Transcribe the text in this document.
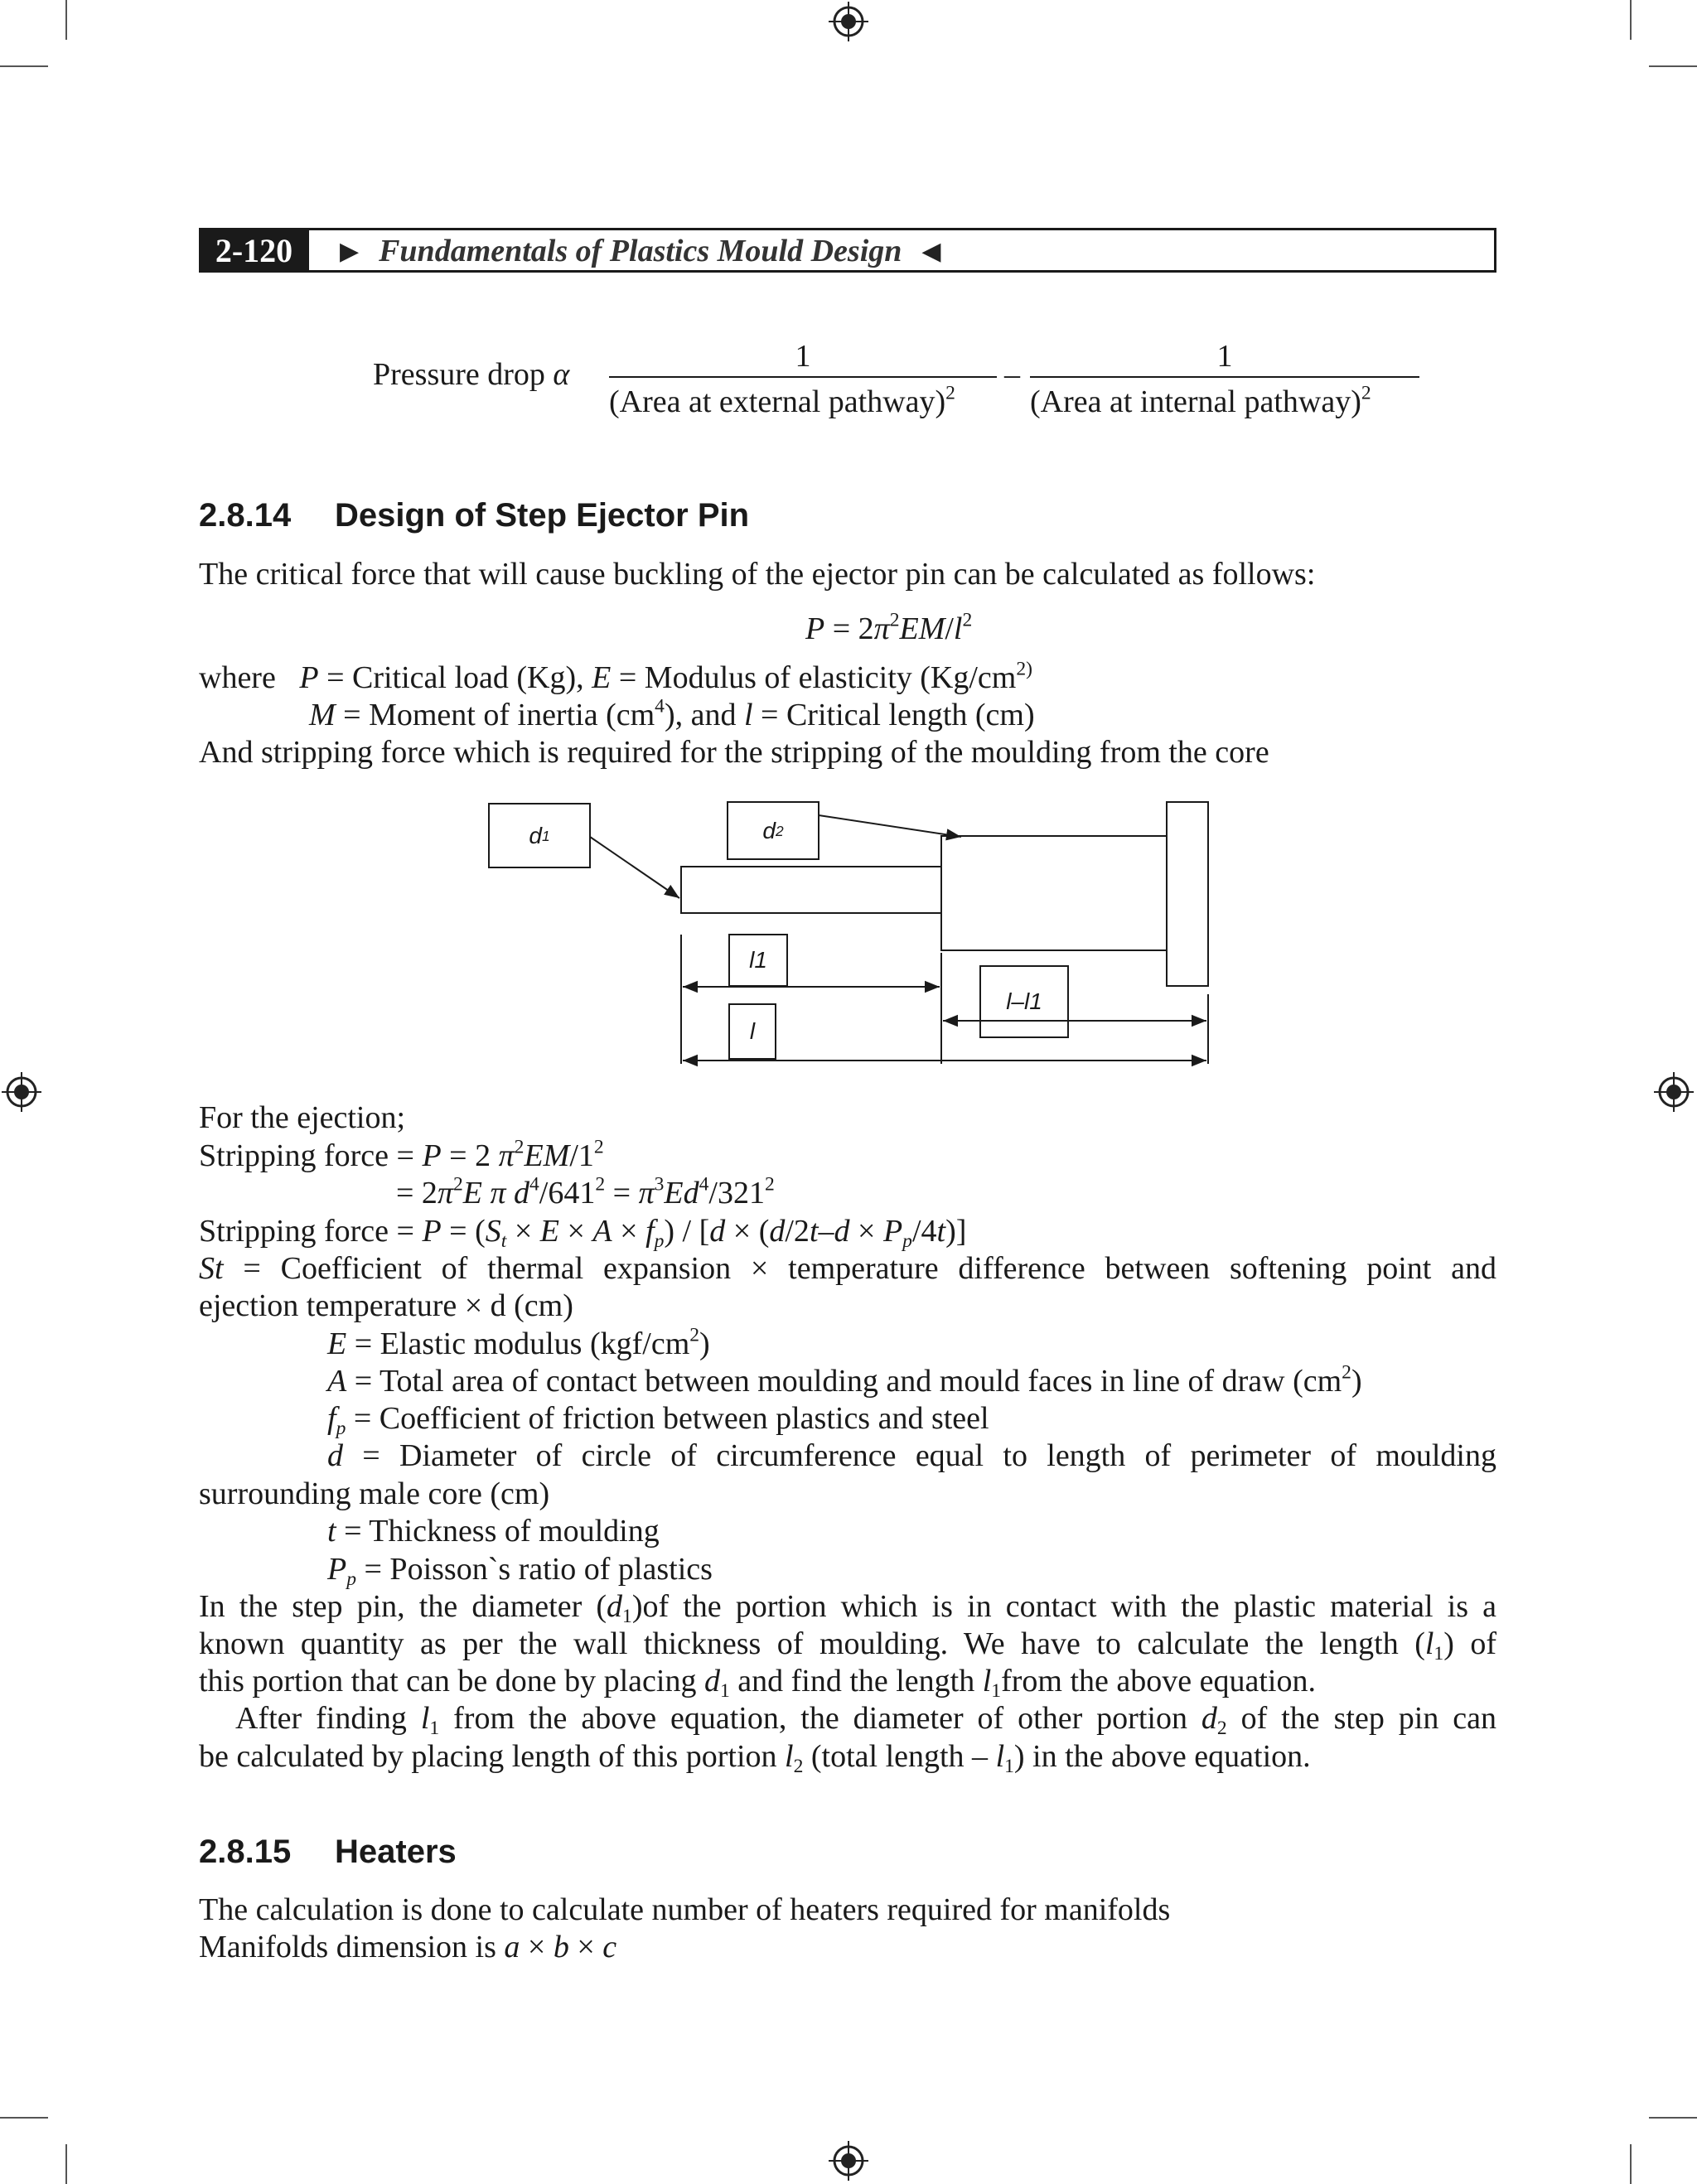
2-120	▶ Fundamentals of Plastics Mould Design ◀
Pressure drop α
1
(Area at external pathway)$^2$
–
1
(Area at internal pathway)$^2$
2.8.14 Design of Step Ejector Pin
The critical force that will cause buckling of the ejector pin can be calculated as follows:
$P = 2\pi^2EM/l^2$
where P = Critical load (Kg), E = Modulus of elasticity ($Kg/cm^{2)}$
M = Moment of inertia $(cm^4)$, and l = Critical length (cm)
And stripping force which is required for the stripping of the moulding from the core
d 1	d 2
l1
l–l1
l
For the ejection;
Stripping force = P = 2 $\pi^2EM/1^2$
= $2\pi^2E$ π $d^4/641^2 = \pi^3Ed^4/321^2$
Stripping force = $P = (S_t \times E \times A \times f_p) / [d \times (d/2t-d \times P_p/4t)]$
St = Coefficient of thermal expansion × temperature difference between softening point and
ejection temperature × d (cm)
E = Elastic modulus $(kgf/cm^2)$
A = Total area of contact between moulding and mould faces in line of draw $(cm^2)$
$f_p$ = Coefficient of friction between plastics and steel
d = Diameter of circle of circumference equal to length of perimeter of moulding
surrounding male core (cm)
t = Thickness of moulding
$P_p$ = Poisson`s ratio of plastics
In the step pin, the diameter $(d_1)of$ the portion which is in contact with the plastic material is a
known quantity as per the wall thickness of moulding. We have to calculate the length $(l_1)$ of
this portion that can be done by placing $d_1$ and find the length $l_1from$ the above equation.
After finding $l_1$ from the above equation, the diameter of other portion $d_2$ of the step pin can
be calculated by placing length of this portion $l_2$ (total length – $l_1$) in the above equation.
2.8.15 Heaters
The calculation is done to calculate number of heaters required for manifolds
Manifolds dimension is a × b × c
